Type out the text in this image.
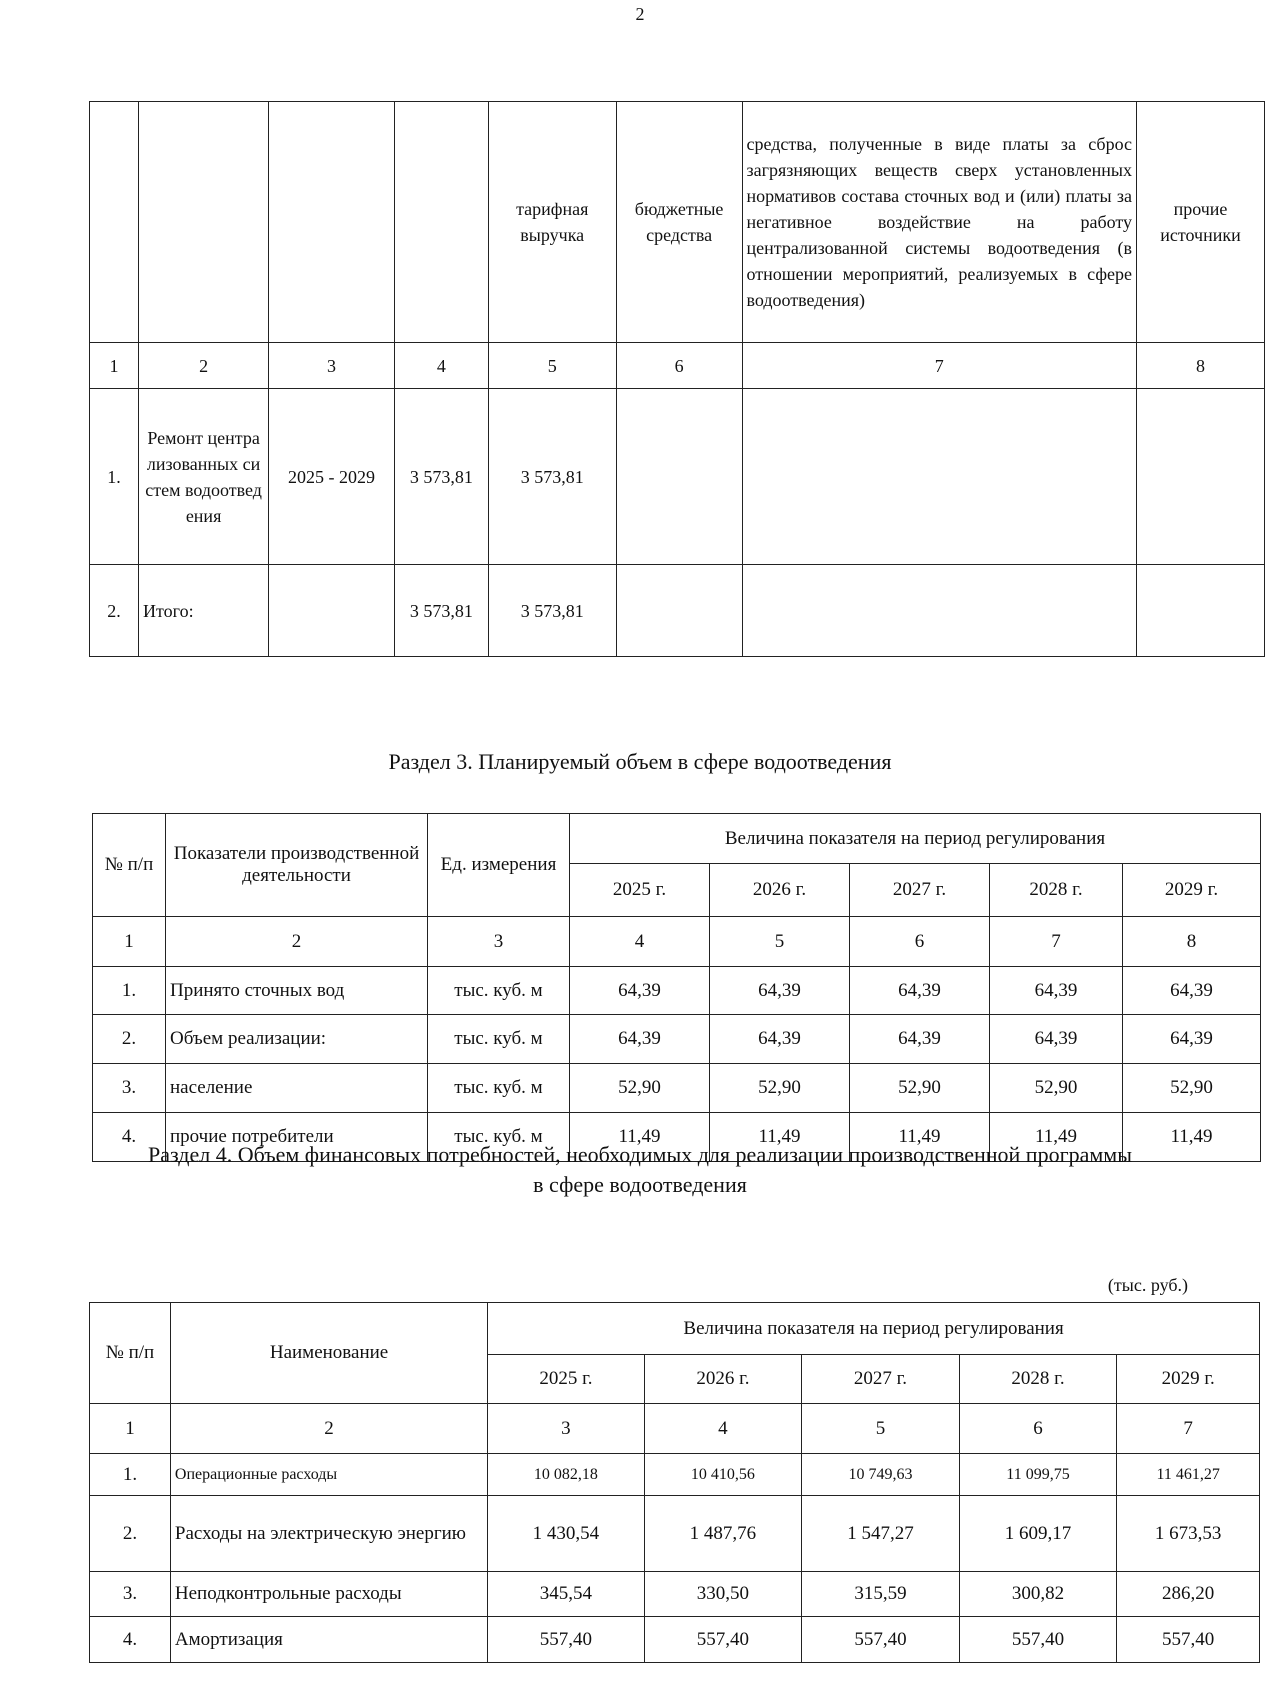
2
				тарифная выручка	бюджетные средства	средства, полученные в виде платы за сброс загрязняющих веществ сверх установленных нормативов состава сточных вод и (или) платы за негативное воздействие на работу централизованной системы водоотведения (в отношении мероприятий, реализуемых в сфере водоотведения)	прочие источники
1	2	3	4	5	6	7	8
1.	Ремонт централизованных систем водоотведения	2025 - 2029	3 573,81	3 573,81			
2.	Итого:		3 573,81	3 573,81			
Раздел 3. Планируемый объем в сфере водоотведения
№ п/п	Показатели производственной деятельности	Ед. измерения	Величина показателя на период регулирования				
			2025 г.	2026 г.	2027 г.	2028 г.	2029 г.
1	2	3	4	5	6	7	8
1.	Принято сточных вод	тыс. куб. м	64,39	64,39	64,39	64,39	64,39
2.	Объем реализации:	тыс. куб. м	64,39	64,39	64,39	64,39	64,39
3.	население	тыс. куб. м	52,90	52,90	52,90	52,90	52,90
4.	прочие потребители	тыс. куб. м	11,49	11,49	11,49	11,49	11,49
Раздел 4. Объем финансовых потребностей, необходимых для реализации производственной программы
в сфере водоотведения
(тыс. руб.)
№ п/п	Наименование	Величина показателя на период регулирования				
		2025 г.	2026 г.	2027 г.	2028 г.	2029 г.
1	2	3	4	5	6	7
1.	Операционные расходы	10 082,18	10 410,56	10 749,63	11 099,75	11 461,27
2.	Расходы на электрическую энергию	1 430,54	1 487,76	1 547,27	1 609,17	1 673,53
3.	Неподконтрольные расходы	345,54	330,50	315,59	300,82	286,20
4.	Амортизация	557,40	557,40	557,40	557,40	557,40
